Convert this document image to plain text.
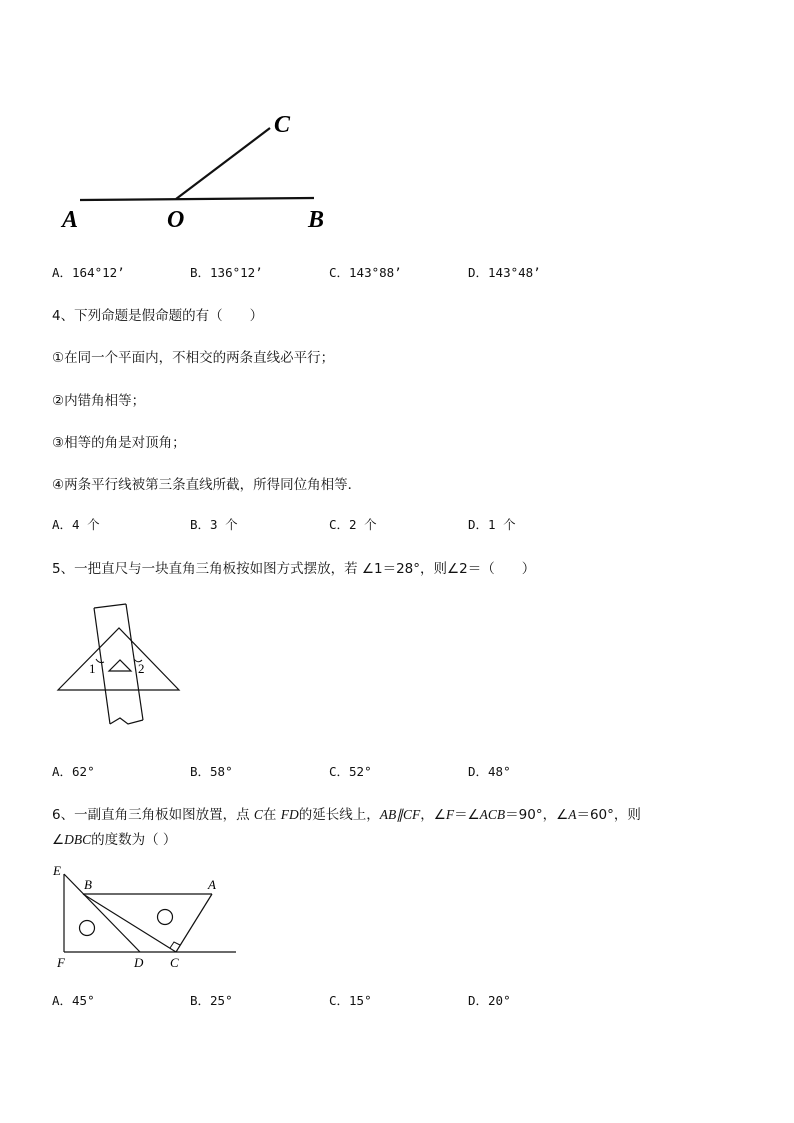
A	O	B
C
A．164°12’	B．136°12’	C．143°88’	D．143°48’
4、下列命题是假命题的有（　　）
①在同一个平面内，不相交的两条直线必平行；
②内错角相等；
③相等的角是对顶角；
④两条平行线被第三条直线所截，所得同位角相等．
A．4 个	B．3 个	C．2 个	D．1 个
5、一把直尺与一块直角三角板按如图方式摆放，若 ∠1＝28°，则∠2＝（　　）
1	2
A．62°	B．58°	C．52°	D．48°
6、一副直角三角板如图放置，点 C在 FD的延长线上，AB∥CF，∠F＝∠ACB＝90°，∠A＝60°，则
∠DBC的度数为（ ）
E
B	A
F	D C
A．45°	B．25°	C．15°	D．20°
